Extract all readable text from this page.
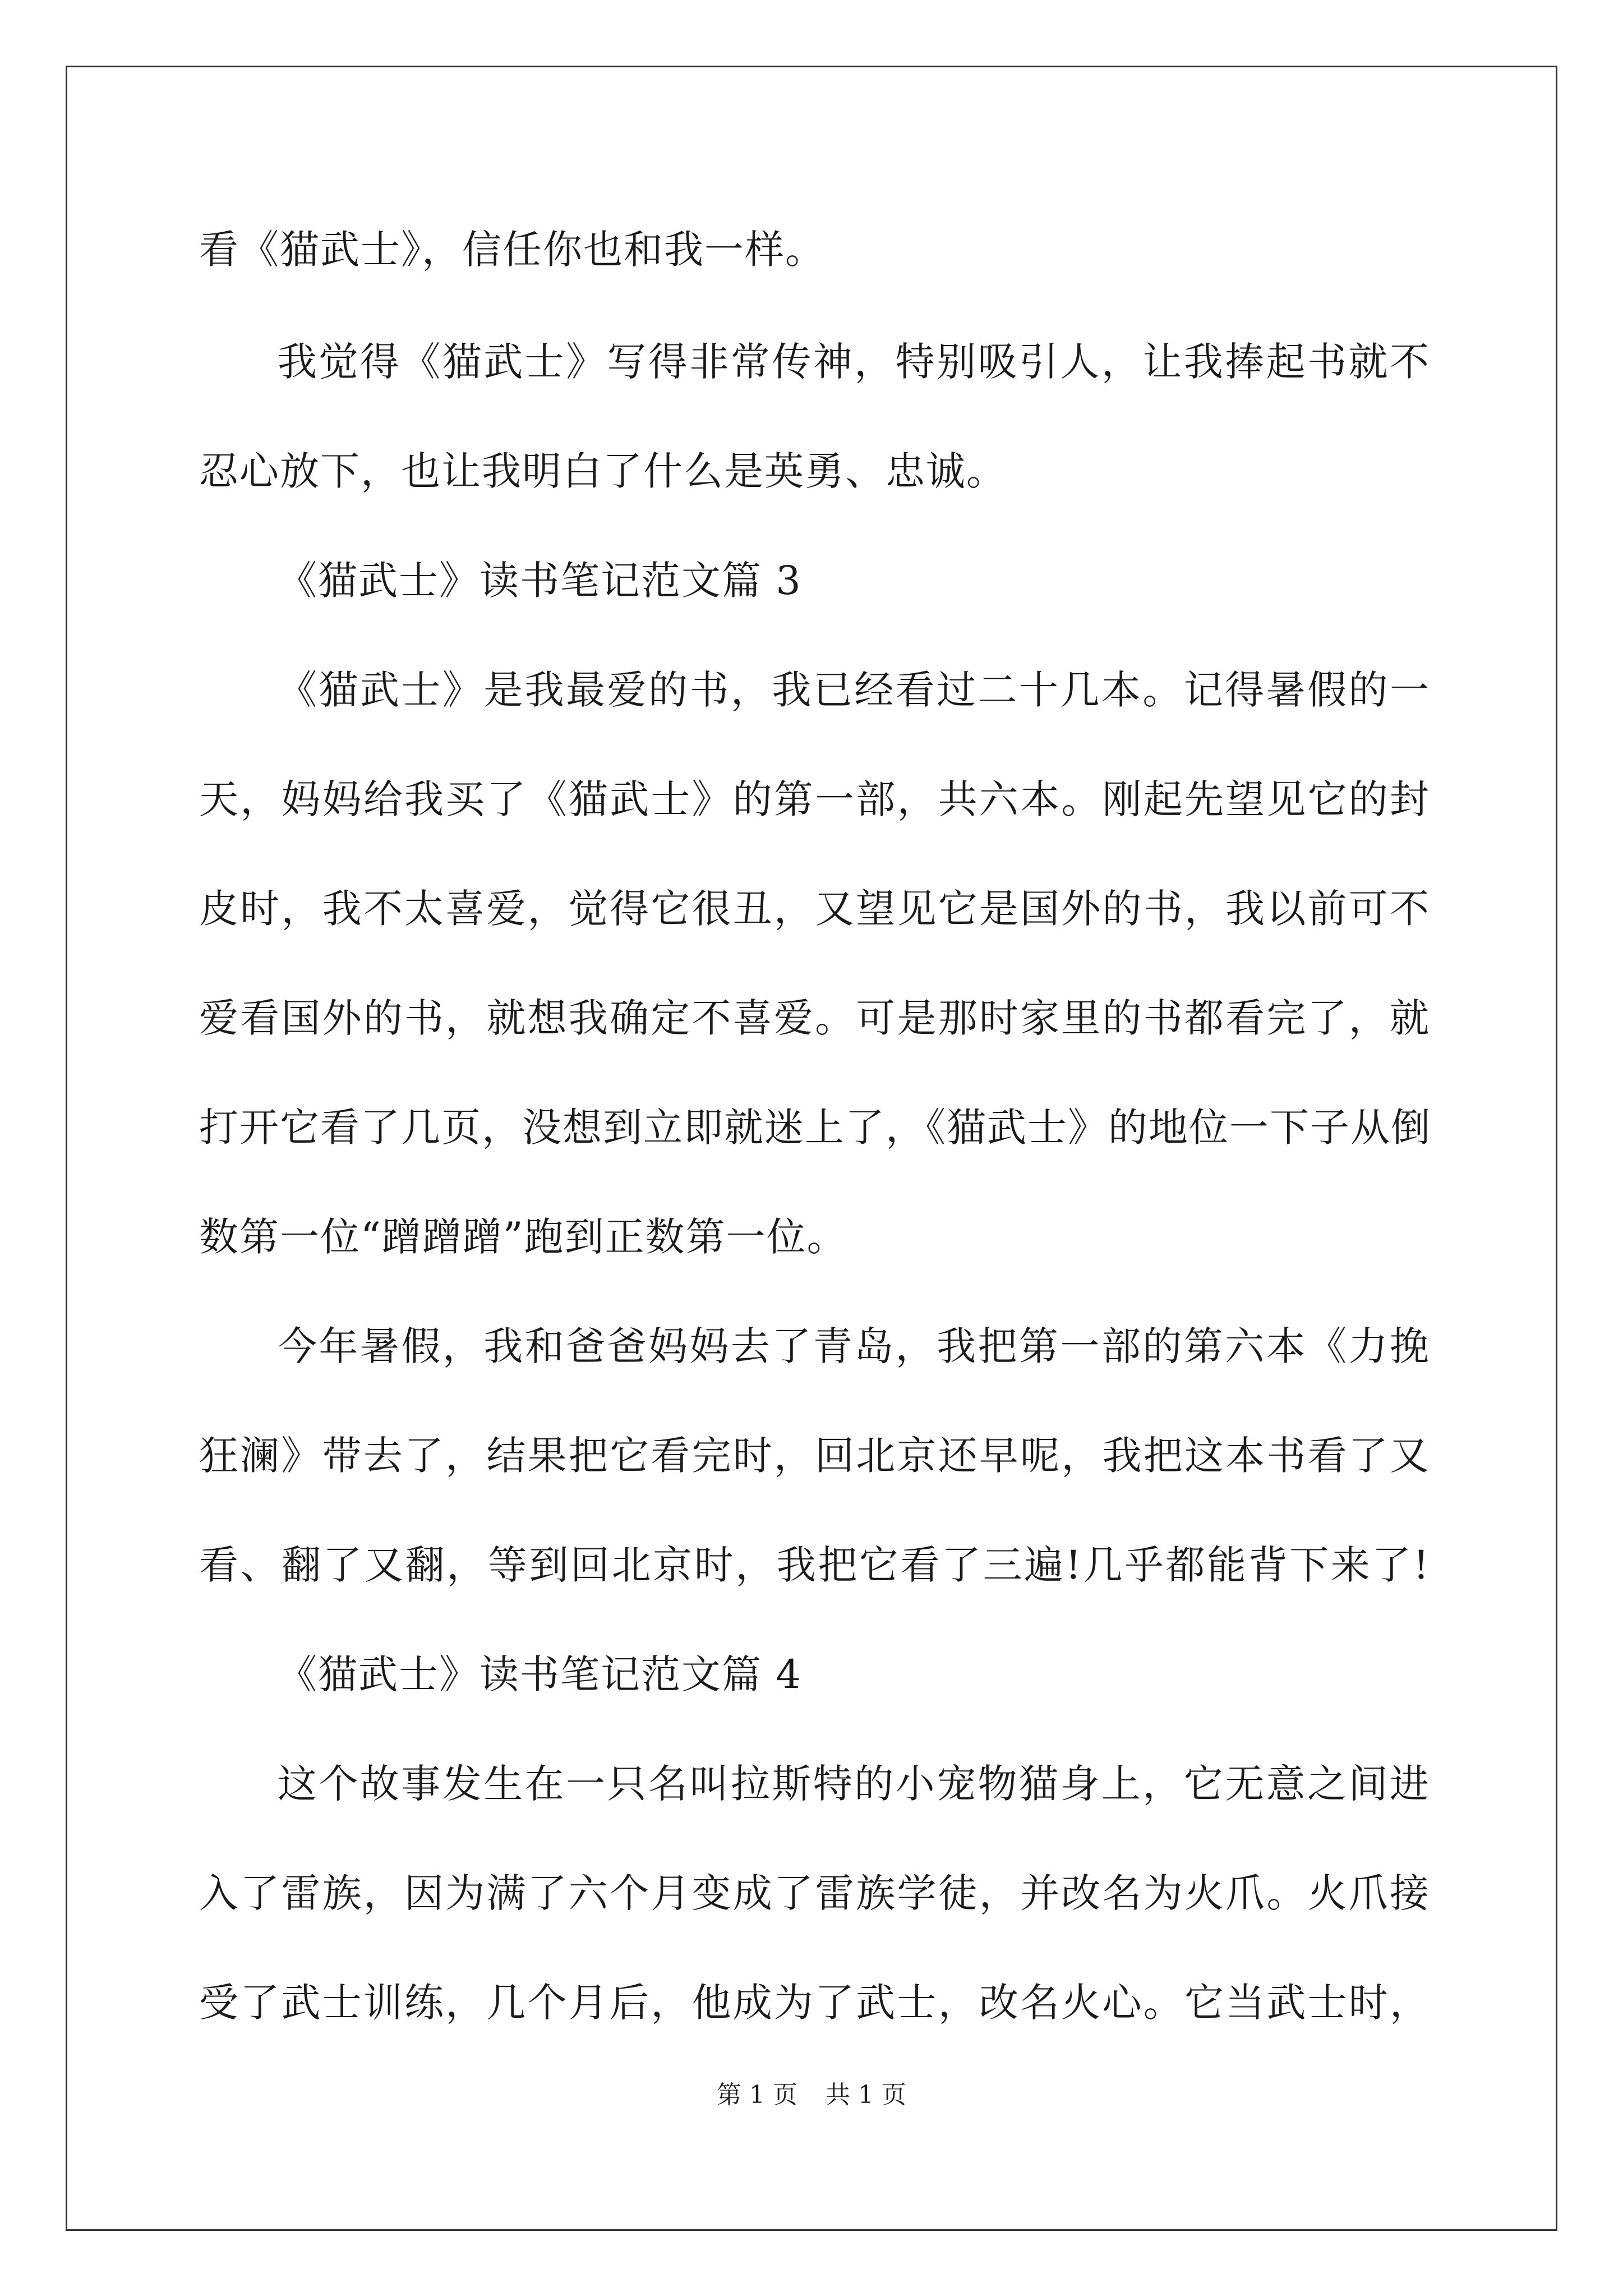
看《猫武士》，信任你也和我一样。
我觉得《猫武士》写得非常传神，特别吸引人，让我捧起书就不
忍心放下，也让我明白了什么是英勇、忠诚。
《猫武士》读书笔记范文篇 3
《猫武士》是我最爱的书，我已经看过二十几本。记得暑假的一
天，妈妈给我买了《猫武士》的第一部，共六本。刚起先望见它的封
皮时，我不太喜爱，觉得它很丑，又望见它是国外的书，我以前可不
爱看国外的书，就想我确定不喜爱。可是那时家里的书都看完了，就
打开它看了几页，没想到立即就迷上了，《猫武士》的地位一下子从倒
数第一位“蹭蹭蹭”跑到正数第一位。
今年暑假，我和爸爸妈妈去了青岛，我把第一部的第六本《力挽
狂澜》带去了，结果把它看完时，回北京还早呢，我把这本书看了又
看、翻了又翻，等到回北京时，我把它看了三遍!几乎都能背下来了!
《猫武士》读书笔记范文篇 4
这个故事发生在一只名叫拉斯特的小宠物猫身上，它无意之间进
入了雷族，因为满了六个月变成了雷族学徒，并改名为火爪。火爪接
受了武士训练，几个月后，他成为了武士，改名火心。它当武士时，
第 1 页 共 1 页
